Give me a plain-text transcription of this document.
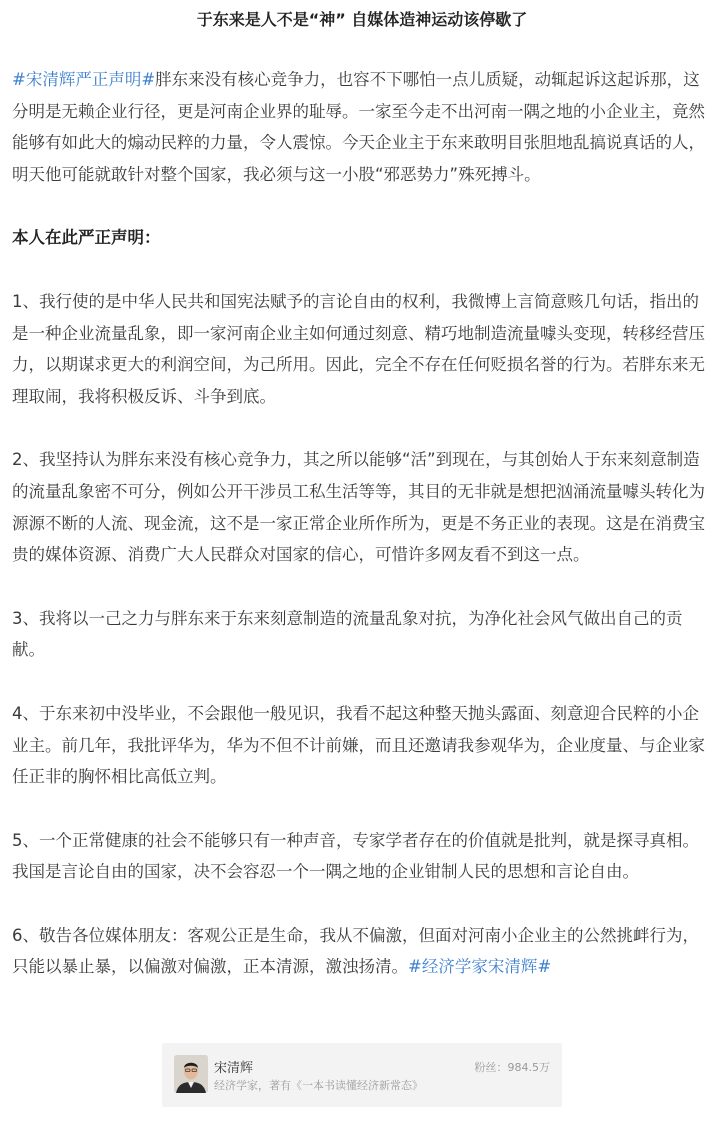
于东来是人不是“神” 自媒体造神运动该停歇了

#宋清辉严正声明#胖东来没有核心竞争力，也容不下哪怕一点儿质疑，动辄起诉这起诉那，这分明是无赖企业行径，更是河南企业界的耻辱。一家至今走不出河南一隅之地的小企业主，竟然能够有如此大的煽动民粹的力量，令人震惊。今天企业主于东来敢明目张胆地乱搞说真话的人，明天他可能就敢针对整个国家，我必须与这一小股“邪恶势力”殊死搏斗。

本人在此严正声明：

1、我行使的是中华人民共和国宪法赋予的言论自由的权利，我微博上言简意赅几句话，指出的是一种企业流量乱象，即一家河南企业主如何通过刻意、精巧地制造流量噱头变现，转移经营压力，以期谋求更大的利润空间，为己所用。因此，完全不存在任何贬损名誉的行为。若胖东来无理取闹，我将积极反诉、斗争到底。

2、我坚持认为胖东来没有核心竞争力，其之所以能够“活”到现在，与其创始人于东来刻意制造的流量乱象密不可分，例如公开干涉员工私生活等等，其目的无非就是想把汹涌流量噱头转化为源源不断的人流、现金流，这不是一家正常企业所作所为，更是不务正业的表现。这是在消费宝贵的媒体资源、消费广大人民群众对国家的信心，可惜许多网友看不到这一点。

3、我将以一己之力与胖东来于东来刻意制造的流量乱象对抗，为净化社会风气做出自己的贡献。

4、于东来初中没毕业，不会跟他一般见识，我看不起这种整天抛头露面、刻意迎合民粹的小企业主。前几年，我批评华为，华为不但不计前嫌，而且还邀请我参观华为，企业度量、与企业家任正非的胸怀相比高低立判。

5、一个正常健康的社会不能够只有一种声音，专家学者存在的价值就是批判，就是探寻真相。我国是言论自由的国家，决不会容忍一个一隅之地的企业钳制人民的思想和言论自由。

6、敬告各位媒体朋友：客观公正是生命，我从不偏激，但面对河南小企业主的公然挑衅行为，只能以暴止暴，以偏激对偏激，正本清源，激浊扬清。#经济学家宋清辉#

宋清辉
经济学家，著有《一本书读懂经济新常态》
粉丝：984.5万
